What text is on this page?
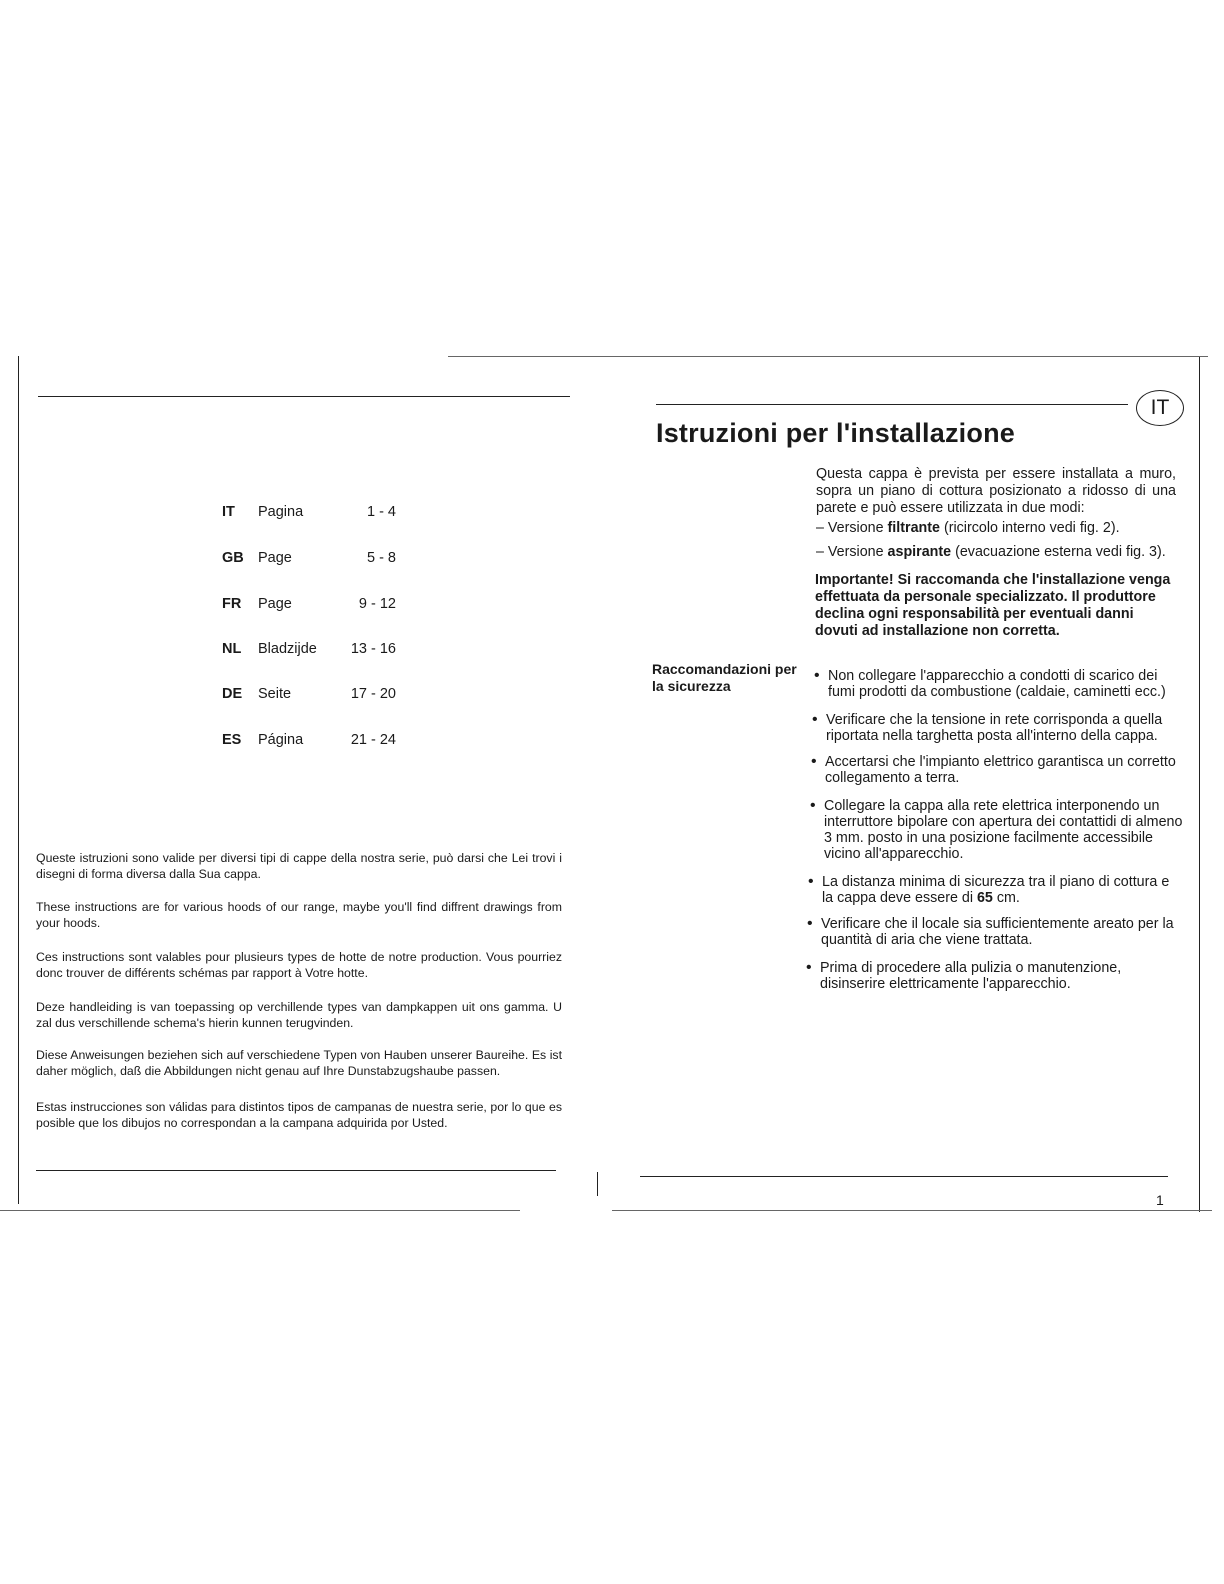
IT	Pagina	1 - 4
GB Page	5 - 8
FR	Page	9 - 12
NL	Bladzijde	13 - 16
DE	Seite	17 - 20
ES	Página	21 - 24

Queste istruzioni sono valide per diversi tipi di cappe della nostra serie, può darsi che Lei trovi i disegni di forma diversa dalla Sua cappa.

These instructions are for various hoods of our range, maybe you'll find diffrent drawings from your hoods.

Ces instructions sont valables pour plusieurs types de hotte de notre production. Vous pourriez donc trouver de différents schémas par rapport à Votre hotte.

Deze handleiding is van toepassing op verchillende types van dampkappen uit ons gamma. U zal dus verschillende schema's hierin kunnen terugvinden.

Diese Anweisungen beziehen sich auf verschiedene Typen von Hauben unserer Baureihe. Es ist daher möglich, daß die Abbildungen nicht genau auf Ihre Dunstabzugshaube passen.

Estas instrucciones son válidas para distintos tipos de campanas de nuestra serie, por lo que es posible que los dibujos no correspondan a la campana adquirida por Usted.

IT
Istruzioni per l'installazione

Questa cappa è prevista per essere installata a muro, sopra un piano di cottura posizionato a ridosso di una parete e può essere utilizzata in due modi:

– Versione filtrante (ricircolo interno vedi fig. 2).
– Versione aspirante (evacuazione esterna vedi fig. 3).

Importante! Si raccomanda che l'installazione venga effettuata da personale specializzato. Il produttore declina ogni responsabilità per eventuali danni dovuti ad installazione non corretta.

Raccomandazioni per la sicurezza
• Non collegare l'apparecchio a condotti di scarico dei fumi prodotti da combustione (caldaie, caminetti ecc.)
• Verificare che la tensione in rete corrisponda a quella riportata nella targhetta posta all'interno della cappa.
• Accertarsi che l'impianto elettrico garantisca un corretto collegamento a terra.
• Collegare la cappa alla rete elettrica interponendo un interruttore bipolare con apertura dei contattidi di almeno 3 mm. posto in una posizione facilmente accessibile vicino all'apparecchio.
• La distanza minima di sicurezza tra il piano di cottura e la cappa deve essere di 65 cm.
• Verificare che il locale sia sufficientemente areato per la quantità di aria che viene trattata.
• Prima di procedere alla pulizia o manutenzione, disinserire elettricamente l'apparecchio.
1
